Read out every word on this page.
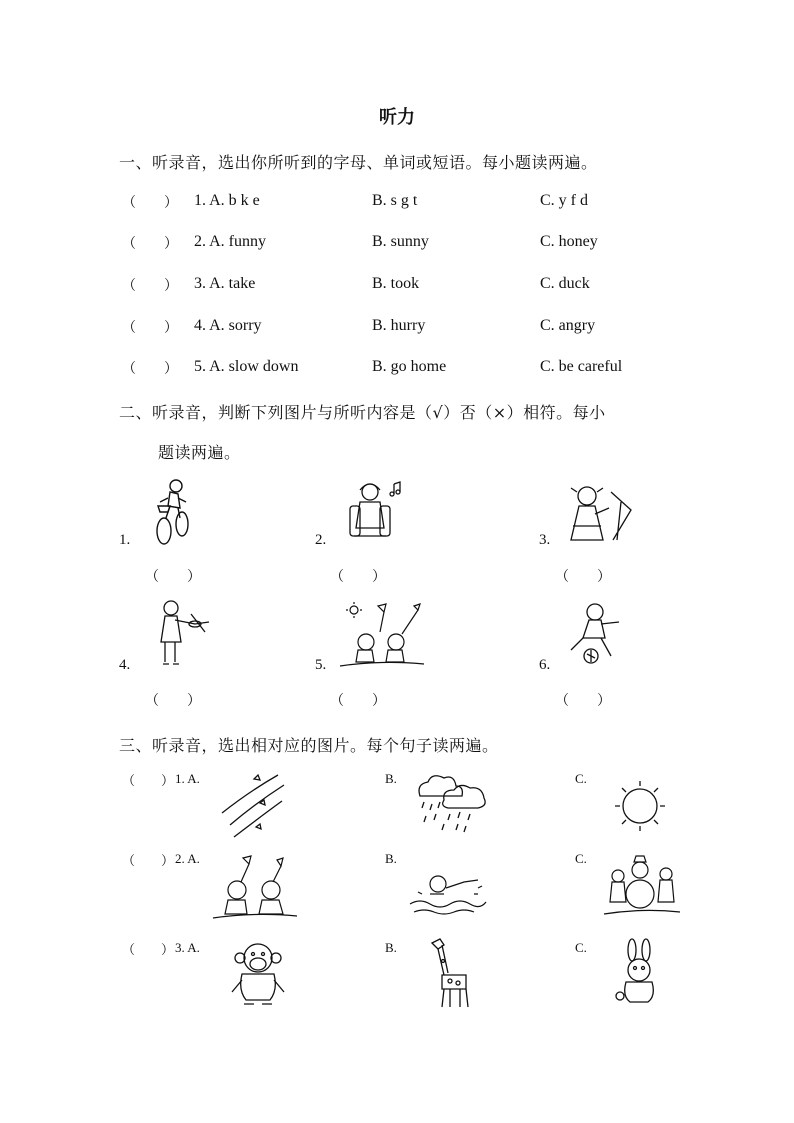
听力
一、听录音，选出你所听到的字母、单词或短语。每小题读两遍。
（　　） 1. A. b k e	B. s g t	C. y f d
（　　） 2. A. funny	B. sunny	C. honey
（　　） 3. A. take	B. took	C. duck
（　　） 4. A. sorry	B. hurry	C. angry
（　　） 5. A. slow down	B. go home	C. be careful
二、听录音，判断下列图片与所听内容是（√）否（×）相符。每小
题读两遍。
1.
（　　）
2.
（　　）
3.
（　　）
4.
（　　）
5.
（　　）
6.
（　　）
三、听录音，选出相对应的图片。每个句子读两遍。
（　　） 1. A.	B.	C.
（　　） 2. A.	B.	C.
（　　） 3. A.	B.	C.
